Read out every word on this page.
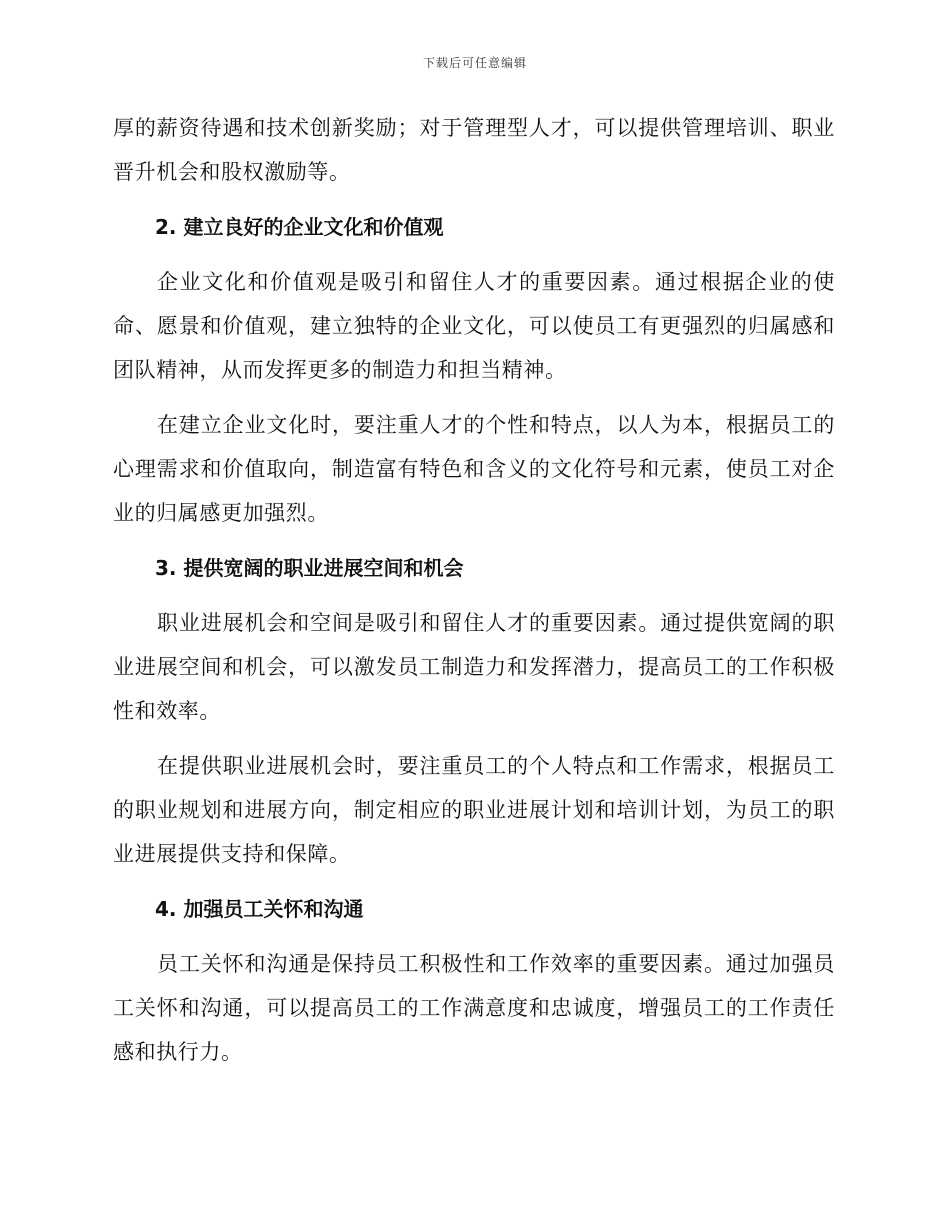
下载后可任意编辑

厚的薪资待遇和技术创新奖励；对于管理型人才，可以提供管理培训、职业晋升机会和股权激励等。

2. 建立良好的企业文化和价值观

企业文化和价值观是吸引和留住人才的重要因素。通过根据企业的使命、愿景和价值观，建立独特的企业文化，可以使员工有更强烈的归属感和团队精神，从而发挥更多的制造力和担当精神。

在建立企业文化时，要注重人才的个性和特点，以人为本，根据员工的心理需求和价值取向，制造富有特色和含义的文化符号和元素，使员工对企业的归属感更加强烈。

3. 提供宽阔的职业进展空间和机会

职业进展机会和空间是吸引和留住人才的重要因素。通过提供宽阔的职业进展空间和机会，可以激发员工制造力和发挥潜力，提高员工的工作积极性和效率。

在提供职业进展机会时，要注重员工的个人特点和工作需求，根据员工的职业规划和进展方向，制定相应的职业进展计划和培训计划，为员工的职业进展提供支持和保障。

4. 加强员工关怀和沟通

员工关怀和沟通是保持员工积极性和工作效率的重要因素。通过加强员工关怀和沟通，可以提高员工的工作满意度和忠诚度，增强员工的工作责任感和执行力。
